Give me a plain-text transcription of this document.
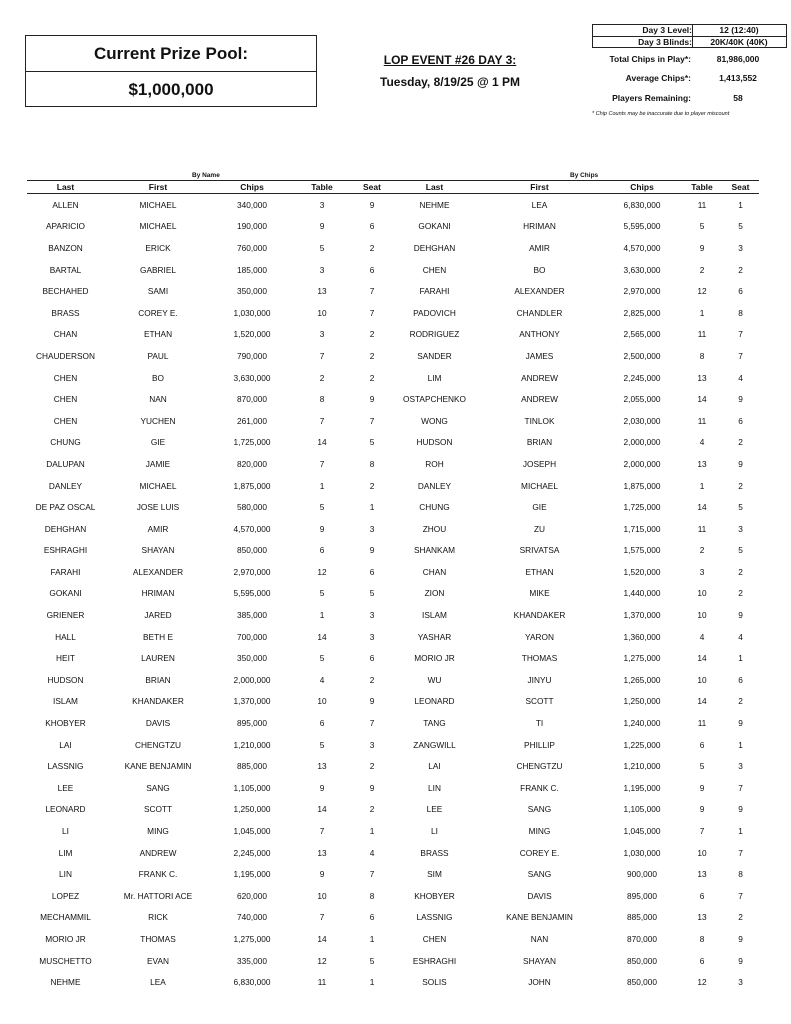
Current Prize Pool:
$1,000,000
LOP EVENT #26 DAY 3:
Tuesday, 8/19/25 @ 1 PM
Day 3 Level:	12 (12:40)
Day 3 Blinds:	20K/40K (40K)
Total Chips in Play*:	81,986,000
Average Chips*:	1,413,552
Players Remaining:	58
* Chip Counts may be inaccurate due to player miscount
By Name	By Chips
Last	First	Chips	Table	Seat	Last	First	Chips	Table	Seat
ALLEN	MICHAEL	340,000	3	9	NEHME	LEA	6,830,000	11	1
APARICIO	MICHAEL	190,000	9	6	GOKANI	HRIMAN	5,595,000	5	5
BANZON	ERICK	760,000	5	2	DEHGHAN	AMIR	4,570,000	9	3
BARTAL	GABRIEL	185,000	3	6	CHEN	BO	3,630,000	2	2
BECHAHED	SAMI	350,000	13	7	FARAHI	ALEXANDER	2,970,000	12	6
BRASS	COREY E.	1,030,000	10	7	PADOVICH	CHANDLER	2,825,000	1	8
CHAN	ETHAN	1,520,000	3	2	RODRIGUEZ	ANTHONY	2,565,000	11	7
CHAUDERSON	PAUL	790,000	7	2	SANDER	JAMES	2,500,000	8	7
CHEN	BO	3,630,000	2	2	LIM	ANDREW	2,245,000	13	4
CHEN	NAN	870,000	8	9	OSTAPCHENKO	ANDREW	2,055,000	14	9
CHEN	YUCHEN	261,000	7	7	WONG	TINLOK	2,030,000	11	6
CHUNG	GIE	1,725,000	14	5	HUDSON	BRIAN	2,000,000	4	2
DALUPAN	JAMIE	820,000	7	8	ROH	JOSEPH	2,000,000	13	9
DANLEY	MICHAEL	1,875,000	1	2	DANLEY	MICHAEL	1,875,000	1	2
DE PAZ OSCAL	JOSE LUIS	580,000	5	1	CHUNG	GIE	1,725,000	14	5
DEHGHAN	AMIR	4,570,000	9	3	ZHOU	ZU	1,715,000	11	3
ESHRAGHI	SHAYAN	850,000	6	9	SHANKAM	SRIVATSA	1,575,000	2	5
FARAHI	ALEXANDER	2,970,000	12	6	CHAN	ETHAN	1,520,000	3	2
GOKANI	HRIMAN	5,595,000	5	5	ZION	MIKE	1,440,000	10	2
GRIENER	JARED	385,000	1	3	ISLAM	KHANDAKER	1,370,000	10	9
HALL	BETH E	700,000	14	3	YASHAR	YARON	1,360,000	4	4
HEIT	LAUREN	350,000	5	6	MORIO JR	THOMAS	1,275,000	14	1
HUDSON	BRIAN	2,000,000	4	2	WU	JINYU	1,265,000	10	6
ISLAM	KHANDAKER	1,370,000	10	9	LEONARD	SCOTT	1,250,000	14	2
KHOBYER	DAVIS	895,000	6	7	TANG	TI	1,240,000	11	9
LAI	CHENGTZU	1,210,000	5	3	ZANGWILL	PHILLIP	1,225,000	6	1
LASSNIG	KANE BENJAMIN	885,000	13	2	LAI	CHENGTZU	1,210,000	5	3
LEE	SANG	1,105,000	9	9	LIN	FRANK C.	1,195,000	9	7
LEONARD	SCOTT	1,250,000	14	2	LEE	SANG	1,105,000	9	9
LI	MING	1,045,000	7	1	LI	MING	1,045,000	7	1
LIM	ANDREW	2,245,000	13	4	BRASS	COREY E.	1,030,000	10	7
LIN	FRANK C.	1,195,000	9	7	SIM	SANG	900,000	13	8
LOPEZ	Mr. HATTORI ACE	620,000	10	8	KHOBYER	DAVIS	895,000	6	7
MECHAMMIL	RICK	740,000	7	6	LASSNIG	KANE BENJAMIN	885,000	13	2
MORIO JR	THOMAS	1,275,000	14	1	CHEN	NAN	870,000	8	9
MUSCHETTO	EVAN	335,000	12	5	ESHRAGHI	SHAYAN	850,000	6	9
NEHME	LEA	6,830,000	11	1	SOLIS	JOHN	850,000	12	3
